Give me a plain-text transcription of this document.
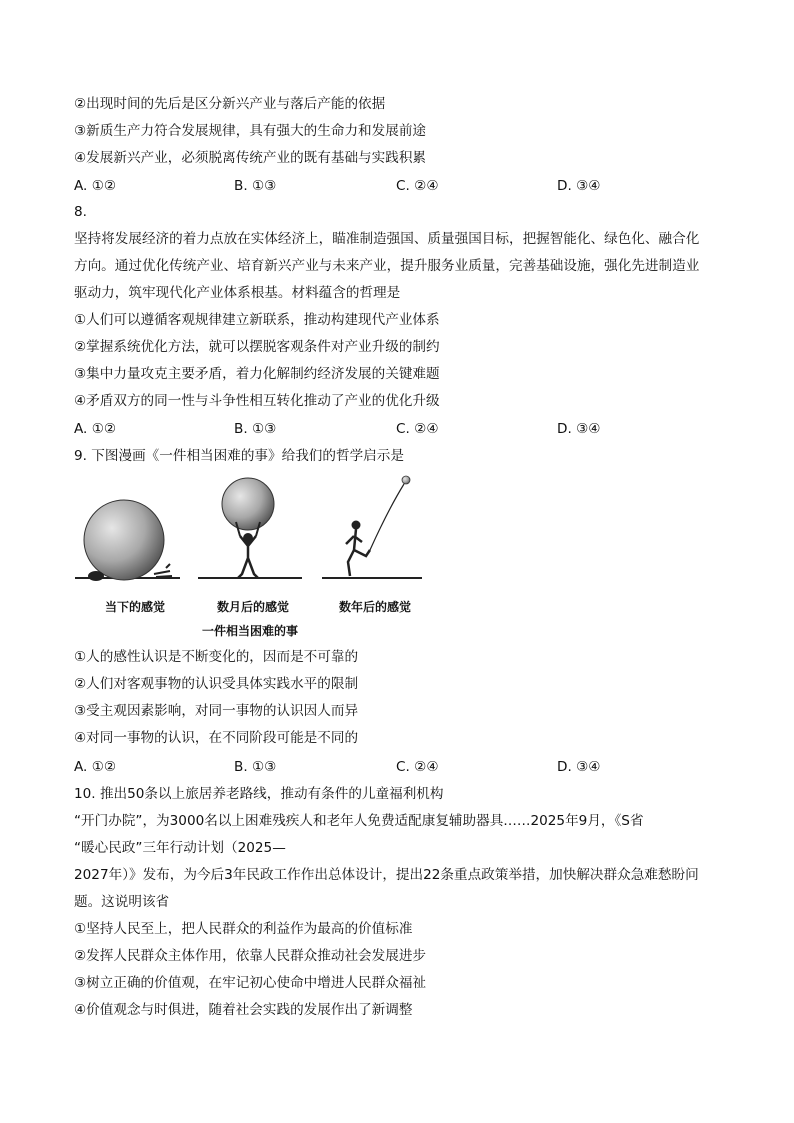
②出现时间的先后是区分新兴产业与落后产能的依据
③新质生产力符合发展规律，具有强大的生命力和发展前途
④发展新兴产业，必须脱离传统产业的既有基础与实践积累
A. ①②	B. ①③	C. ②④	D. ③④
8.
坚持将发展经济的着力点放在实体经济上，瞄准制造强国、质量强国目标，把握智能化、绿色化、融合化
方向。通过优化传统产业、培育新兴产业与未来产业，提升服务业质量，完善基础设施，强化先进制造业
驱动力，筑牢现代化产业体系根基。材料蕴含的哲理是
①人们可以遵循客观规律建立新联系，推动构建现代产业体系
②掌握系统优化方法，就可以摆脱客观条件对产业升级的制约
③集中力量攻克主要矛盾，着力化解制约经济发展的关键难题
④矛盾双方的同一性与斗争性相互转化推动了产业的优化升级
A. ①②	B. ①③	C. ②④	D. ③④
9. 下图漫画《一件相当困难的事》给我们的哲学启示是
当下的感觉	数月后的感觉	数年后的感觉
一件相当困难的事
①人的感性认识是不断变化的，因而是不可靠的
②人们对客观事物的认识受具体实践水平的限制
③受主观因素影响，对同一事物的认识因人而异
④对同一事物的认识，在不同阶段可能是不同的
A. ①②	B. ①③	C. ②④	D. ③④
10. 推出50条以上旅居养老路线，推动有条件的儿童福利机构
“开门办院”，为3000名以上困难残疾人和老年人免费适配康复辅助器具……2025年9月，《S省
“暖心民政”三年行动计划（2025—
2027年）》发布，为今后3年民政工作作出总体设计，提出22条重点政策举措，加快解决群众急难愁盼问
题。这说明该省
①坚持人民至上，把人民群众的利益作为最高的价值标准
②发挥人民群众主体作用，依靠人民群众推动社会发展进步
③树立正确的价值观，在牢记初心使命中增进人民群众福祉
④价值观念与时俱进，随着社会实践的发展作出了新调整
